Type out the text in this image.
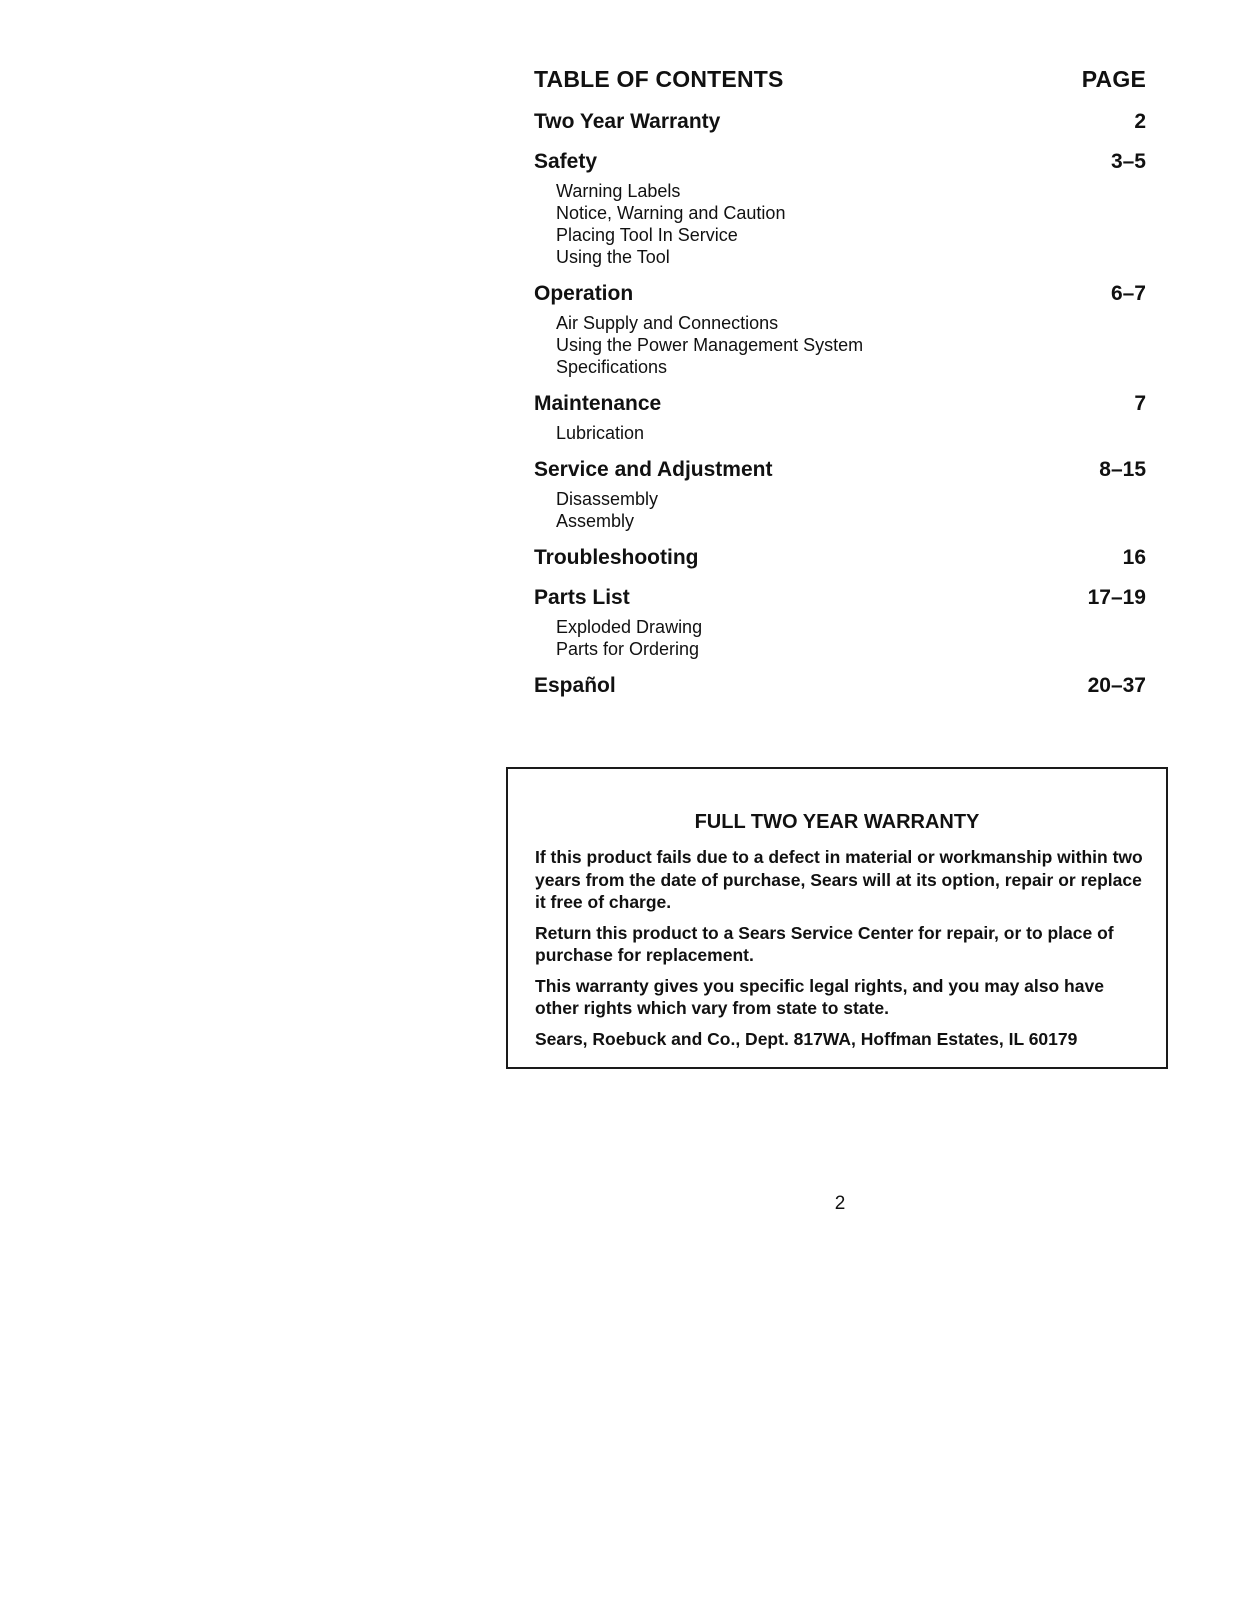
TABLE OF CONTENTS	PAGE
Two Year Warranty	2
Safety	3–5
Warning Labels
Notice, Warning and Caution
Placing Tool In Service
Using the Tool
Operation	6–7
Air Supply and Connections
Using the Power Management System
Specifications
Maintenance	7
Lubrication
Service and Adjustment	8–15
Disassembly
Assembly
Troubleshooting	16
Parts List	17–19
Exploded Drawing
Parts for Ordering
Español	20–37
FULL TWO YEAR WARRANTY

If this product fails due to a defect in material or workmanship within two years from the date of purchase, Sears will at its option, repair or replace it free of charge.

Return this product to a Sears Service Center for repair, or to place of purchase for replacement.

This warranty gives you specific legal rights, and you may also have other rights which vary from state to state.

Sears, Roebuck and Co., Dept. 817WA, Hoffman Estates, IL 60179

2
